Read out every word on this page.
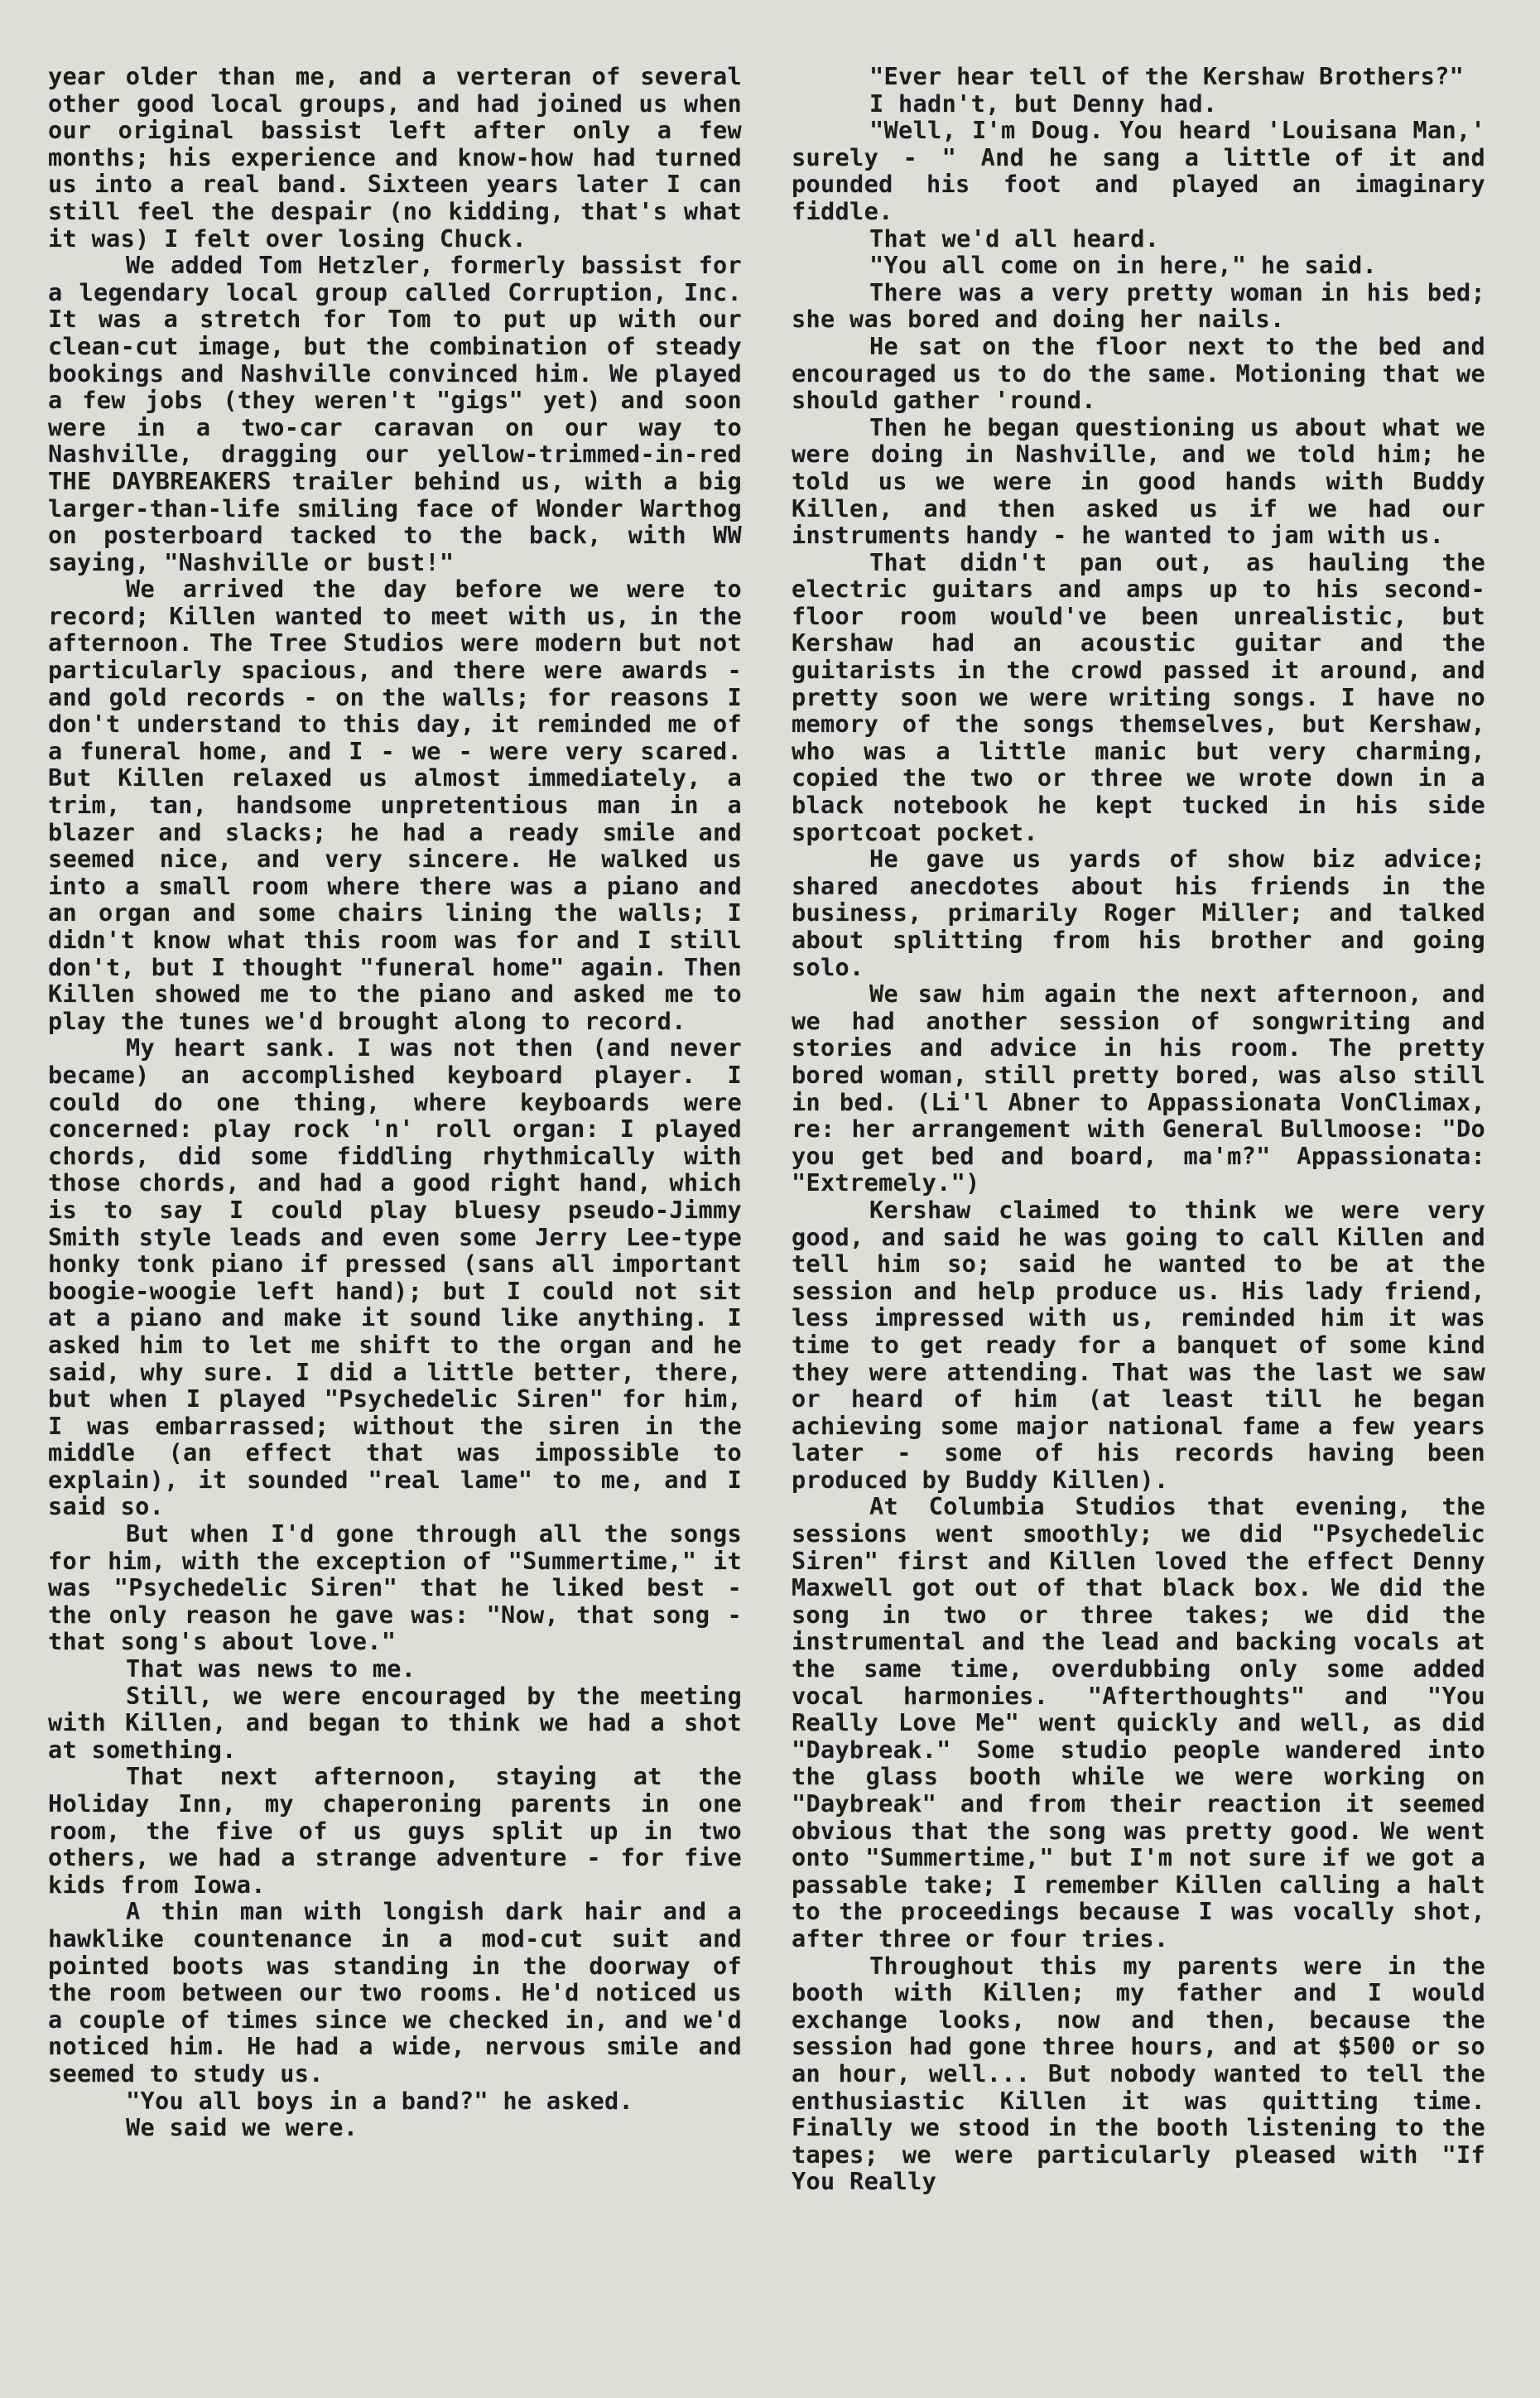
year older than me, and a verteran of several other good local groups, and had joined us when our original bassist left after only a few months; his experience and know-how had turned us into a real band. Sixteen years later I can still feel the despair (no kidding, that's what it was) I felt over losing Chuck.

We added Tom Hetzler, formerly bassist for a legendary local group called Corruption, Inc. It was a stretch for Tom to put up with our clean-cut image, but the combination of steady bookings and Nashville convinced him. We played a few jobs (they weren't "gigs" yet) and soon were in a two-car caravan on our way to Nashville, dragging our yellow-trimmed-in-red THE DAYBREAKERS trailer behind us, with a big larger-than-life smiling face of Wonder Warthog on posterboard tacked to the back, with WW saying, "Nashville or bust!"

We arrived the day before we were to record; Killen wanted to meet with us, in the afternoon. The Tree Studios were modern but not particularly spacious, and there were awards - and gold records - on the walls; for reasons I don't understand to this day, it reminded me of a funeral home, and I - we - were very scared. But Killen relaxed us almost immediately, a trim, tan, handsome unpretentious man in a blazer and slacks; he had a ready smile and seemed nice, and very sincere. He walked us into a small room where there was a piano and an organ and some chairs lining the walls; I didn't know what this room was for and I still don't, but I thought "funeral home" again. Then Killen showed me to the piano and asked me to play the tunes we'd brought along to record.

My heart sank. I was not then (and never became) an accomplished keyboard player. I could do one thing, where keyboards were concerned: play rock 'n' roll organ: I played chords, did some fiddling rhythmically with those chords, and had a good right hand, which is to say I could play bluesy pseudo-Jimmy Smith style leads and even some Jerry Lee-type honky tonk piano if pressed (sans all important boogie-woogie left hand); but I could not sit at a piano and make it sound like anything. I asked him to let me shift to the organ and he said, why sure. I did a little better, there, but when I played "Psychedelic Siren" for him, I was embarrassed; without the siren in the middle (an effect that was impossible to explain), it sounded "real lame" to me, and I said so.

But when I'd gone through all the songs for him, with the exception of "Summertime," it was "Psychedelic Siren" that he liked best - the only reason he gave was: "Now, that song - that song's about love."

That was news to me.

Still, we were encouraged by the meeting with Killen, and began to think we had a shot at something.

That next afternoon, staying at the Holiday Inn, my chaperoning parents in one room, the five of us guys split up in two others, we had a strange adventure - for five kids from Iowa.

A thin man with longish dark hair and a hawklike countenance in a mod-cut suit and pointed boots was standing in the doorway of the room between our two rooms. He'd noticed us a couple of times since we checked in, and we'd noticed him. He had a wide, nervous smile and seemed to study us.

"You all boys in a band?" he asked.

We said we were.

"Ever hear tell of the Kershaw Brothers?"

I hadn't, but Denny had.

"Well, I'm Doug. You heard 'Louisana Man,' surely - " And he sang a little of it and pounded his foot and played an imaginary fiddle.

That we'd all heard.

"You all come on in here," he said.

There was a very pretty woman in his bed; she was bored and doing her nails.

He sat on the floor next to the bed and encouraged us to do the same. Motioning that we should gather 'round.

Then he began questioning us about what we were doing in Nashville, and we told him; he told us we were in good hands with Buddy Killen, and then asked us if we had our instruments handy - he wanted to jam with us.

That didn't pan out, as hauling the electric guitars and amps up to his second-floor room would've been unrealistic, but Kershaw had an acoustic guitar and the guitarists in the crowd passed it around, and pretty soon we were writing songs. I have no memory of the songs themselves, but Kershaw, who was a little manic but very charming, copied the two or three we wrote down in a black notebook he kept tucked in his side sportcoat pocket.

He gave us yards of show biz advice; shared anecdotes about his friends in the business, primarily Roger Miller; and talked about splitting from his brother and going solo.

We saw him again the next afternoon, and we had another session of songwriting and stories and advice in his room. The pretty bored woman, still pretty bored, was also still in bed. (Li'l Abner to Appassionata VonClimax, re: her arrangement with General Bullmoose: "Do you get bed and board, ma'm?" Appassionata: "Extremely.")

Kershaw claimed to think we were very good, and said he was going to call Killen and tell him so; said he wanted to be at the session and help produce us. His lady friend, less impressed with us, reminded him it was time to get ready for a banquet of some kind they were attending. That was the last we saw or heard of him (at least till he began achieving some major national fame a few years later - some of his records having been produced by Buddy Killen).

At Columbia Studios that evening, the sessions went smoothly; we did "Psychedelic Siren" first and Killen loved the effect Denny Maxwell got out of that black box. We did the song in two or three takes; we did the instrumental and the lead and backing vocals at the same time, overdubbing only some added vocal harmonies. "Afterthoughts" and "You Really Love Me" went quickly and well, as did "Daybreak." Some studio people wandered into the glass booth while we were working on "Daybreak" and from their reaction it seemed obvious that the song was pretty good. We went onto "Summertime," but I'm not sure if we got a passable take; I remember Killen calling a halt to the proceedings because I was vocally shot, after three or four tries.

Throughout this my parents were in the booth with Killen; my father and I would exchange looks, now and then, because the session had gone three hours, and at $500 or so an hour, well... But nobody wanted to tell the enthusiastic Killen it was quitting time. Finally we stood in the booth listening to the tapes; we were particularly pleased with "If You Really
